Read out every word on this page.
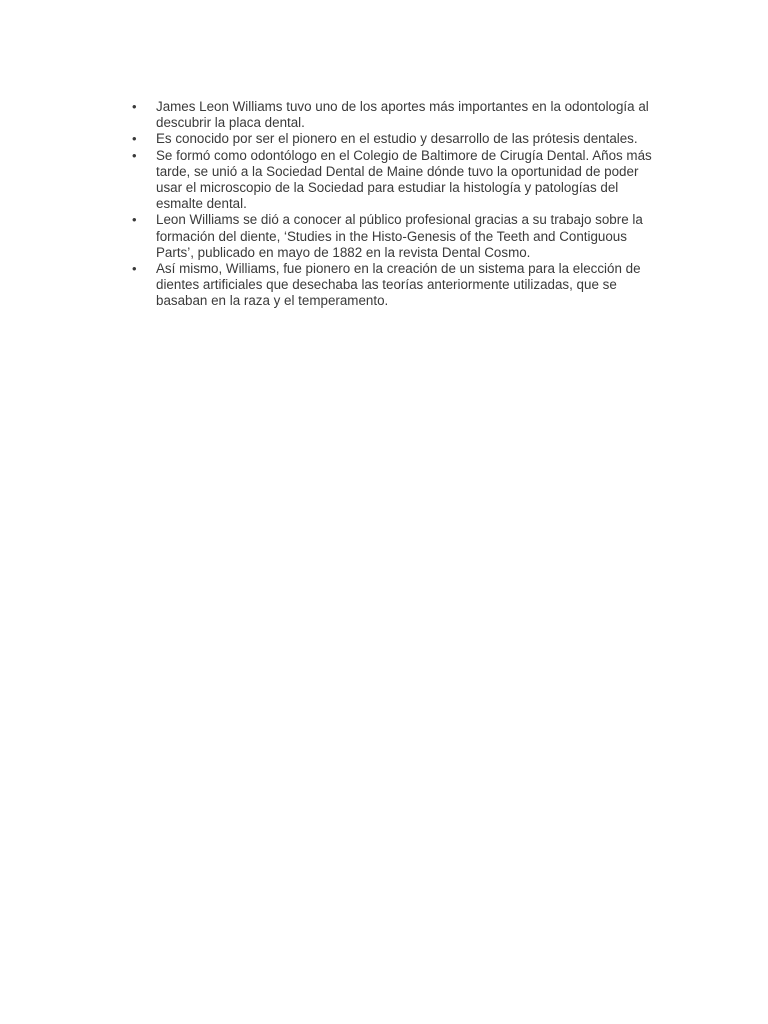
• James Leon Williams tuvo uno de los aportes más importantes en la odontología al descubrir la placa dental.
• Es conocido por ser el pionero en el estudio y desarrollo de las prótesis dentales.
• Se formó como odontólogo en el Colegio de Baltimore de Cirugía Dental. Años más tarde, se unió a la Sociedad Dental de Maine dónde tuvo la oportunidad de poder usar el microscopio de la Sociedad para estudiar la histología y patologías del esmalte dental.
• Leon Williams se dió a conocer al público profesional gracias a su trabajo sobre la formación del diente, ‘Studies in the Histo-Genesis of the Teeth and Contiguous Parts’, publicado en mayo de 1882 en la revista Dental Cosmo.
• Así mismo, Williams, fue pionero en la creación de un sistema para la elección de dientes artificiales que desechaba las teorías anteriormente utilizadas, que se basaban en la raza y el temperamento.
